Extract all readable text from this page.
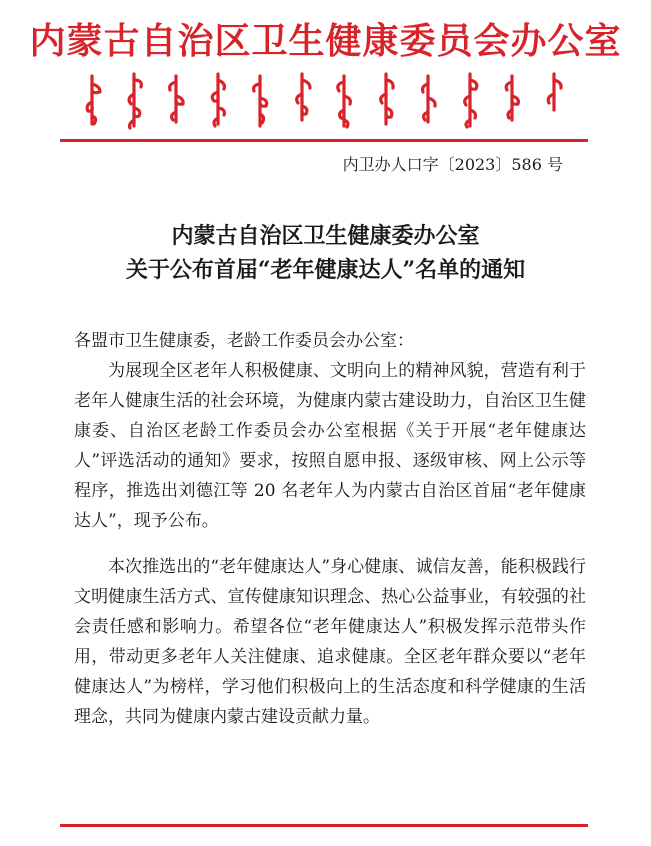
内蒙古自治区卫生健康委员会办公室
内卫办人口字〔2023〕586 号
内蒙古自治区卫生健康委办公室
关于公布首届“老年健康达人”名单的通知

各盟市卫生健康委，老龄工作委员会办公室：

为展现全区老年人积极健康、文明向上的精神风貌，营造有利于老年人健康生活的社会环境，为健康内蒙古建设助力，自治区卫生健康委、自治区老龄工作委员会办公室根据《关于开展“老年健康达人”评选活动的通知》要求，按照自愿申报、逐级审核、网上公示等程序，推选出刘德江等 20 名老年人为内蒙古自治区首届“老年健康达人”，现予公布。

本次推选出的“老年健康达人”身心健康、诚信友善，能积极践行文明健康生活方式、宣传健康知识理念、热心公益事业，有较强的社会责任感和影响力。希望各位“老年健康达人”积极发挥示范带头作用，带动更多老年人关注健康、追求健康。全区老年群众要以“老年健康达人”为榜样，学习他们积极向上的生活态度和科学健康的生活理念，共同为健康内蒙古建设贡献力量。
